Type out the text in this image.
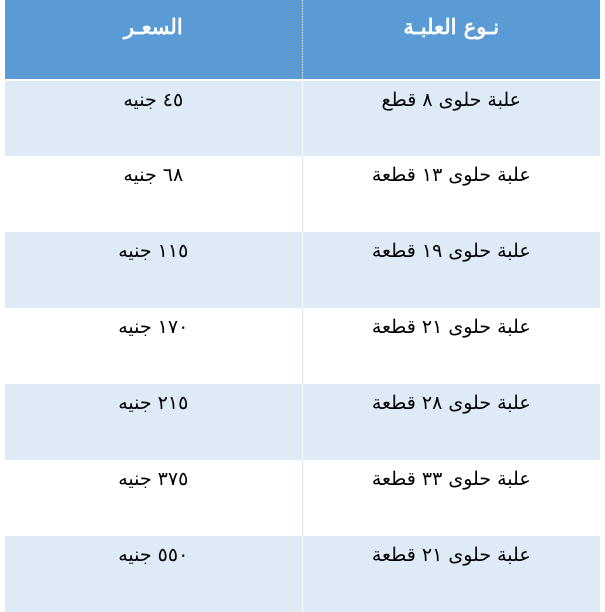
نـوع العلبـة	السعـر
علبة حلوى ٨ قطع	٤٥ جنيه
علبة حلوى ١٣ قطعة	٦٨ جنيه
علبة حلوى ١٩ قطعة	١١٥ جنيه
علبة حلوى ٢١ قطعة	١٧٠ جنيه
علبة حلوى ٢٨ قطعة	٢١٥ جنيه
علبة حلوى ٣٣ قطعة	٣٧٥ جنيه
علبة حلوى ٢١ قطعة	٥٥٠ جنيه
